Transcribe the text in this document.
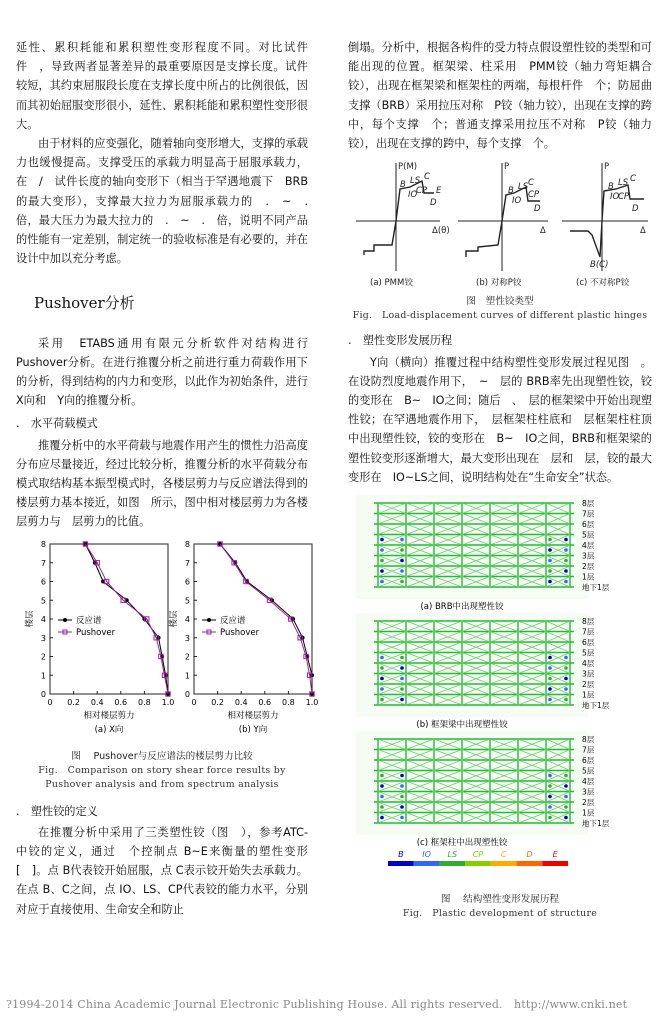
延性、累积耗能和累积塑性变形程度不同。对比试件　件　，导致两者显著差异的最重要原因是支撑长度。试件　较短，其约束屈服段长度在支撑长度中所占的比例很低，因而其初始屈服变形很小，延性、累积耗能和累积塑性变形很大。

由于材料的应变强化，随着轴向变形增大，支撑的承载力也缓慢提高。支撑受压的承载力明显高于屈服承载力，在　/　试件长度的轴向变形下（相当于罕遇地震下　BRB的最大变形），支撑最大拉力为屈服承载力的　.　~　.　倍，最大压力为最大拉力的　.　~　.　倍，说明不同产品的性能有一定差别，制定统一的验收标准是有必要的，并在设计中加以充分考虑。

Pushover分析

采用　ETABS通用有限元分析软件对结构进行Pushover分析。在进行推覆分析之前进行重力荷载作用下的分析，得到结构的内力和变形，以此作为初始条件，进行　X向和　Y向的推覆分析。

.　水平荷载模式

推覆分析中的水平荷载与地震作用产生的惯性力沿高度分布应尽量接近，经过比较分析，推覆分析的水平荷载分布模式取结构基本振型模式时，各楼层剪力与反应谱法得到的楼层剪力基本接近，如图　所示，图中相对楼层剪力为各楼层剪力与　层剪力的比值。

0 0.2 0.4 0.6 0.8 1.0
0
1
2
3
4
5
6
7
8
相对楼层剪力
楼层
(a) X向
反应谱
Pushover
0 0.2 0.4 0.6 0.8 1.0
0
1
2
3
4
5
6
7
8
相对楼层剪力
楼层
(b) Y向
反应谱
Pushover
图　 Pushover与反应谱法的楼层剪力比较
Fig.　Comparison on story shear force results by
Pushover analysis and from spectrum analysis
.　塑性铰的定义

在推覆分析中采用了三类塑性铰（图　），参考ATC-　中铰的定义，通过　个控制点 B~E来衡量的塑性变形[　]。点 B代表铰开始屈服，点 C表示铰开始失去承载力。在点 B、C之间，点 IO、LS、CP代表铰的能力水平，分别对应于直接使用、生命安全和防止

倒塌。分析中，根据各构件的受力特点假设塑性铰的类型和可能出现的位置。框架梁、柱采用　PMM铰（轴力弯矩耦合铰），出现在框架梁和框架柱的两端，每根杆件　个；防屈曲支撑（BRB）采用拉压对称　P铰（轴力铰），出现在支撑的跨中，每个支撑　个；普通支撑采用拉压不对称　P铰（轴力铰），出现在支撑的跨中，每个支撑　个。

P(M)
Δ(θ)
P
Δ
P
Δ
B LS
IO
CP
C
D
E	B LS
IO
CP
C
D
B LS
IO
CP
C
D
B(C)
(a) PMM铰	(b) 对称P铰	(c) 不对称P铰
图　塑性铰类型
Fig.　Load-displacement curves of different plastic hinges
.　塑性变形发展历程

Y向（横向）推覆过程中结构塑性变形发展过程见图　。在设防烈度地震作用下，　~　层的 BRB率先出现塑性铰，铰的变形在　B~　IO之间；随后　、　层的框架梁中开始出现塑性铰；在罕遇地震作用下，　层框架柱柱底和　层框架柱柱顶中出现塑性铰，铰的变形在　B~　IO之间，BRB和框架梁的塑性铰变形逐渐增大，最大变形出现在　层和　层，铰的最大变形在　IO~LS之间，说明结构处在“生命安全”状态。

8层
7层
6层
5层
4层
3层
2层
1层
地下1层
(a) BRB中出现塑性铰
8层
7层
6层
5层
4层
3层
2层
1层
地下1层
(b) 框架梁中出现塑性铰
8层
7层
6层
5层
4层
3层
2层
1层
地下1层
(c) 框架柱中出现塑性铰
B IO LS CP C D	E
图　 结构塑性变形发展历程
Fig.　Plastic development of structure
?1994-2014 China Academic Journal Electronic Publishing House. All rights reserved.　http://www.cnki.net
